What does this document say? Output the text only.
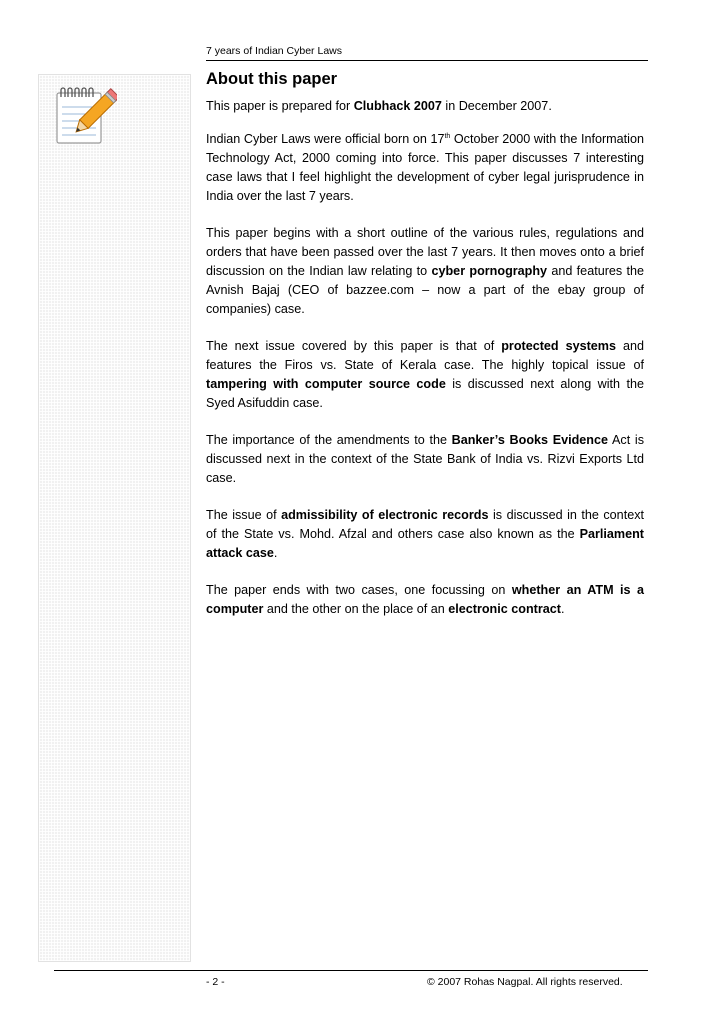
7 years of Indian Cyber Laws
About this paper

This paper is prepared for Clubhack 2007 in December 2007.

Indian Cyber Laws were official born on 17th October 2000 with the Information Technology Act, 2000 coming into force. This paper discusses 7 interesting case laws that I feel highlight the development of cyber legal jurisprudence in India over the last 7 years.

This paper begins with a short outline of the various rules, regulations and orders that have been passed over the last 7 years. It then moves onto a brief discussion on the Indian law relating to cyber pornography and features the Avnish Bajaj (CEO of bazzee.com – now a part of the ebay group of companies) case.

The next issue covered by this paper is that of protected systems and features the Firos vs. State of Kerala case. The highly topical issue of tampering with computer source code is discussed next along with the Syed Asifuddin case.

The importance of the amendments to the Banker’s Books Evidence Act is discussed next in the context of the State Bank of India vs. Rizvi Exports Ltd case.

The issue of admissibility of electronic records is discussed in the context of the State vs. Mohd. Afzal and others case also known as the Parliament attack case.

The paper ends with two cases, one focussing on whether an ATM is a computer and the other on the place of an electronic contract.

- 2 -	© 2007 Rohas Nagpal. All rights reserved.
